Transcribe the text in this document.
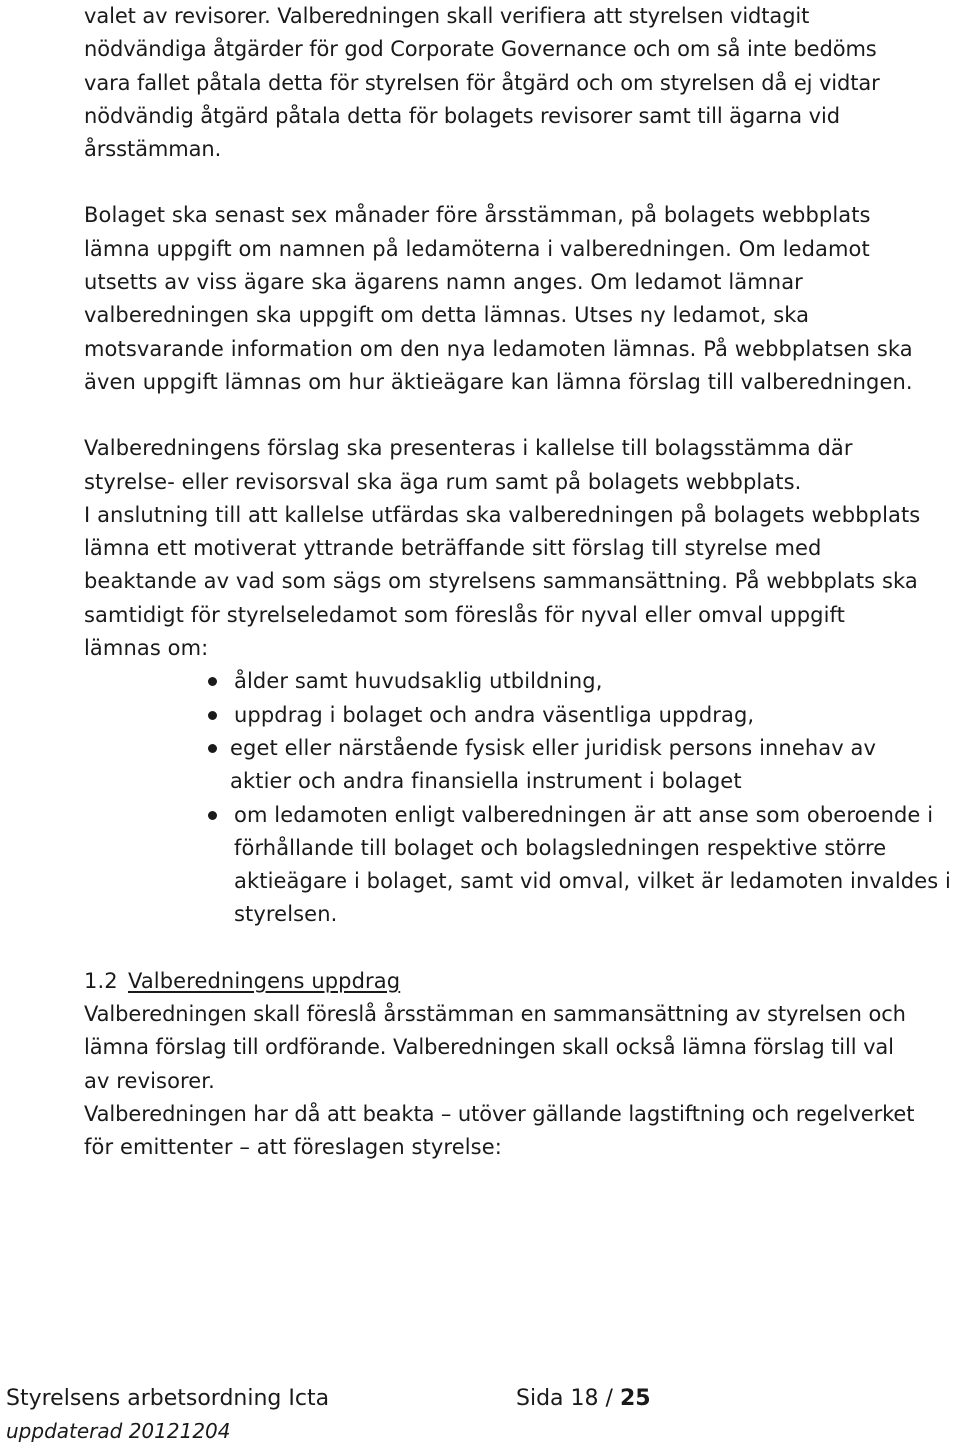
valet av revisorer. Valberedningen skall verifiera att styrelsen vidtagit
nödvändiga åtgärder för god Corporate Governance och om så inte bedöms
vara fallet påtala detta för styrelsen för åtgärd och om styrelsen då ej vidtar
nödvändig åtgärd påtala detta för bolagets revisorer samt till ägarna vid
årsstämman.
Bolaget ska senast sex månader före årsstämman, på bolagets webbplats
lämna uppgift om namnen på ledamöterna i valberedningen. Om ledamot
utsetts av viss ägare ska ägarens namn anges. Om ledamot lämnar
valberedningen ska uppgift om detta lämnas. Utses ny ledamot, ska
motsvarande information om den nya ledamoten lämnas. På webbplatsen ska
även uppgift lämnas om hur äktieägare kan lämna förslag till valberedningen.
Valberedningens förslag ska presenteras i kallelse till bolagsstämma där
styrelse- eller revisorsval ska äga rum samt på bolagets webbplats.
I anslutning till att kallelse utfärdas ska valberedningen på bolagets webbplats
lämna ett motiverat yttrande beträffande sitt förslag till styrelse med
beaktande av vad som sägs om styrelsens sammansättning. På webbplats ska
samtidigt för styrelseledamot som föreslås för nyval eller omval uppgift
lämnas om:
ålder samt huvudsaklig utbildning,
uppdrag i bolaget och andra väsentliga uppdrag,
eget eller närstående fysisk eller juridisk persons innehav av
aktier och andra finansiella instrument i bolaget
om ledamoten enligt valberedningen är att anse som oberoende i
förhållande till bolaget och bolagsledningen respektive större
aktieägare i bolaget, samt vid omval, vilket är ledamoten invaldes i
styrelsen.
1.2 Valberedningens uppdrag
Valberedningen skall föreslå årsstämman en sammansättning av styrelsen och
lämna förslag till ordförande. Valberedningen skall också lämna förslag till val
av revisorer.
Valberedningen har då att beakta – utöver gällande lagstiftning och regelverket
för emittenter – att föreslagen styrelse:
Styrelsens arbetsordning Icta	Sida 18 / 25
uppdaterad 20121204
